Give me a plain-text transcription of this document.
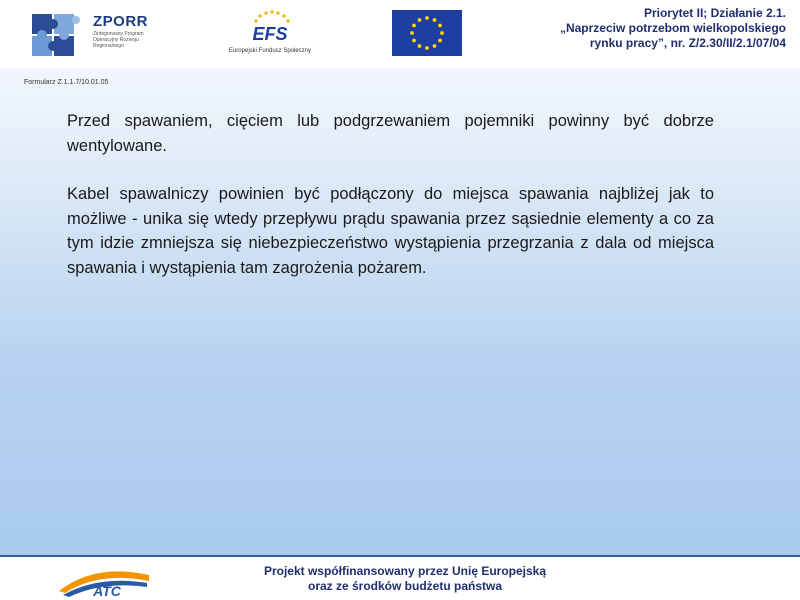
ZPORR
Zintegrowany Program Operacyjny Rozwoju Regionalnego
EFS
Europejski Fundusz Społeczny
Priorytet II; Działanie 2.1.
„Naprzeciw potrzebom wielkopolskiego
rynku pracy”, nr. Z/2.30/II/2.1/07/04
Formularz Z.1.1.7/10.01.05

Przed spawaniem, cięciem lub podgrzewaniem pojemniki powinny być dobrze wentylowane.

Kabel spawalniczy powinien być podłączony do miejsca spawania najbliżej jak to możliwe - unika się wtedy przepływu prądu spawania przez sąsiednie elementy a co za tym idzie zmniejsza się niebezpieczeństwo wystąpienia przegrzania z dala od miejsca spawania i wystąpienia tam zagrożenia pożarem.

ATC
Projekt współfinansowany przez Unię Europejską
oraz ze środków budżetu państwa
